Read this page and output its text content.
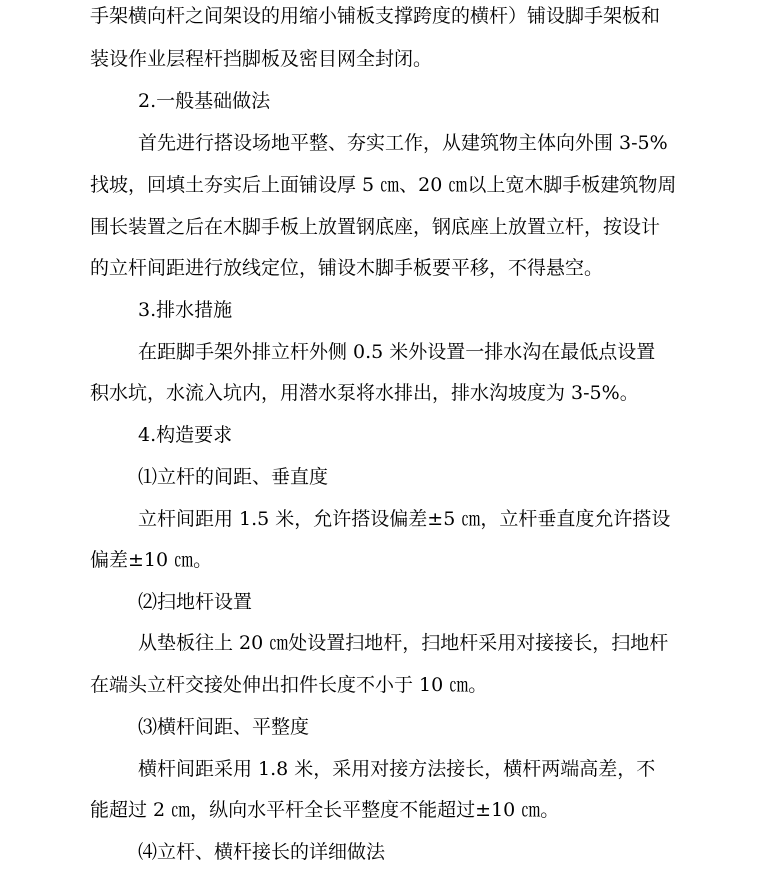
手架横向杆之间架设的用缩小铺板支撑跨度的横杆）铺设脚手架板和
装设作业层程杆挡脚板及密目网全封闭。
2.一般基础做法
首先进行搭设场地平整、夯实工作，从建筑物主体向外围 3-5%
找坡，回填土夯实后上面铺设厚 5 ㎝、20 ㎝以上宽木脚手板建筑物周
围长装置之后在木脚手板上放置钢底座，钢底座上放置立杆，按设计
的立杆间距进行放线定位，铺设木脚手板要平移，不得悬空。
3.排水措施
在距脚手架外排立杆外侧 0.5 米外设置一排水沟在最低点设置
积水坑，水流入坑内，用潜水泵将水排出，排水沟坡度为 3-5%。
4.构造要求
⑴立杆的间距、垂直度
立杆间距用 1.5 米，允许搭设偏差±5 ㎝，立杆垂直度允许搭设
偏差±10 ㎝。
⑵扫地杆设置
从垫板往上 20 ㎝处设置扫地杆，扫地杆采用对接接长，扫地杆
在端头立杆交接处伸出扣件长度不小于 10 ㎝。
⑶横杆间距、平整度
横杆间距采用 1.8 米，采用对接方法接长，横杆两端高差，不
能超过 2 ㎝，纵向水平杆全长平整度不能超过±10 ㎝。
⑷立杆、横杆接长的详细做法
